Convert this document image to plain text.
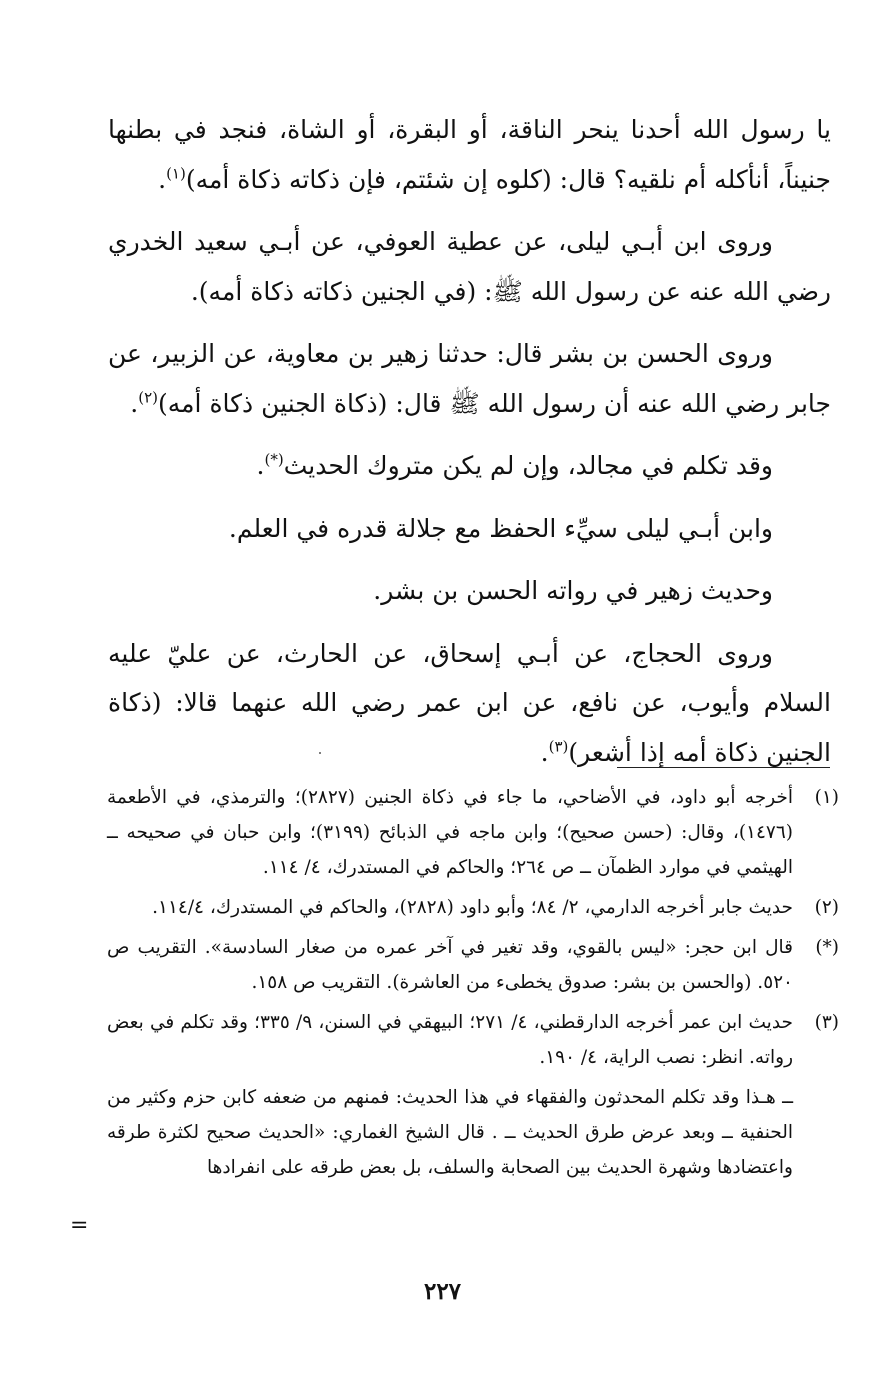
يا رسول الله أحدنا ينحر الناقة، أو البقرة، أو الشاة، فنجد في بطنها جنيناً، أنأكله أم نلقيه؟ قال: (كلوه إن شئتم، فإن ذكاته ذكاة أمه)$^{(١)}$.

وروى ابن أبـي ليلى، عن عطية العوفي، عن أبـي سعيد الخدري رضي الله عنه عن رسول الله ﷺ: (في الجنين ذكاته ذكاة أمه).

وروى الحسن بن بشر قال: حدثنا زهير بن معاوية، عن الزبير، عن جابر رضي الله عنه أن رسول الله ﷺ قال: (ذكاة الجنين ذكاة أمه)$^{(٢)}$.

وقد تكلم في مجالد، وإن لم يكن متروك الحديث(*).

وابن أبـي ليلى سيِّء الحفظ مع جلالة قدره في العلم.

وحديث زهير في رواته الحسن بن بشر.

وروى الحجاج، عن أبـي إسحاق، عن الحارث، عن عليّ عليه السلام وأيوب، عن نافع، عن ابن عمر رضي الله عنهما قالا: (ذكاة الجنين ذكاة أمه إذا أشعر)$^{(٣)}$.

(١)
أخرجه أبو داود، في الأضاحي، ما جاء في ذكاة الجنين (٢٨٢٧)؛ والترمذي، في الأطعمة (١٤٧٦)، وقال: (حسن صحيح)؛ وابن ماجه في الذبائح (٣١٩٩)؛ وابن حبان في صحيحه ــ الهيثمي في موارد الظمآن ــ ص ٢٦٤؛ والحاكم في المستدرك، ٤/ ١١٤.
(٢)
حديث جابر أخرجه الدارمي، ٢/ ٨٤؛ وأبو داود (٢٨٢٨)، والحاكم في المستدرك، ١١٤/٤.
(*)
قال ابن حجر: «ليس بالقوي، وقد تغير في آخر عمره من صغار السادسة». التقريب ص ٥٢٠. (والحسن بن بشر: صدوق يخطىء من العاشرة). التقريب ص ١٥٨.
(٣)
حديث ابن عمر أخرجه الدارقطني، ٤/ ٢٧١؛ البيهقي في السنن، ٩/ ٣٣٥؛ وقد تكلم في بعض رواته. انظر: نصب الراية، ٤/ ١٩٠.
ــ هـذا وقد تكلم المحدثون والفقهاء في هذا الحديث: فمنهم من ضعفه كابن حزم وكثير من الحنفية ــ وبعد عرض طرق الحديث ــ . قال الشيخ الغماري: «الحديث صحيح لكثرة طرقه واعتضادها وشهرة الحديث بين الصحابة والسلف، بل بعض طرقه على انفرادها
=
٢٢٧
